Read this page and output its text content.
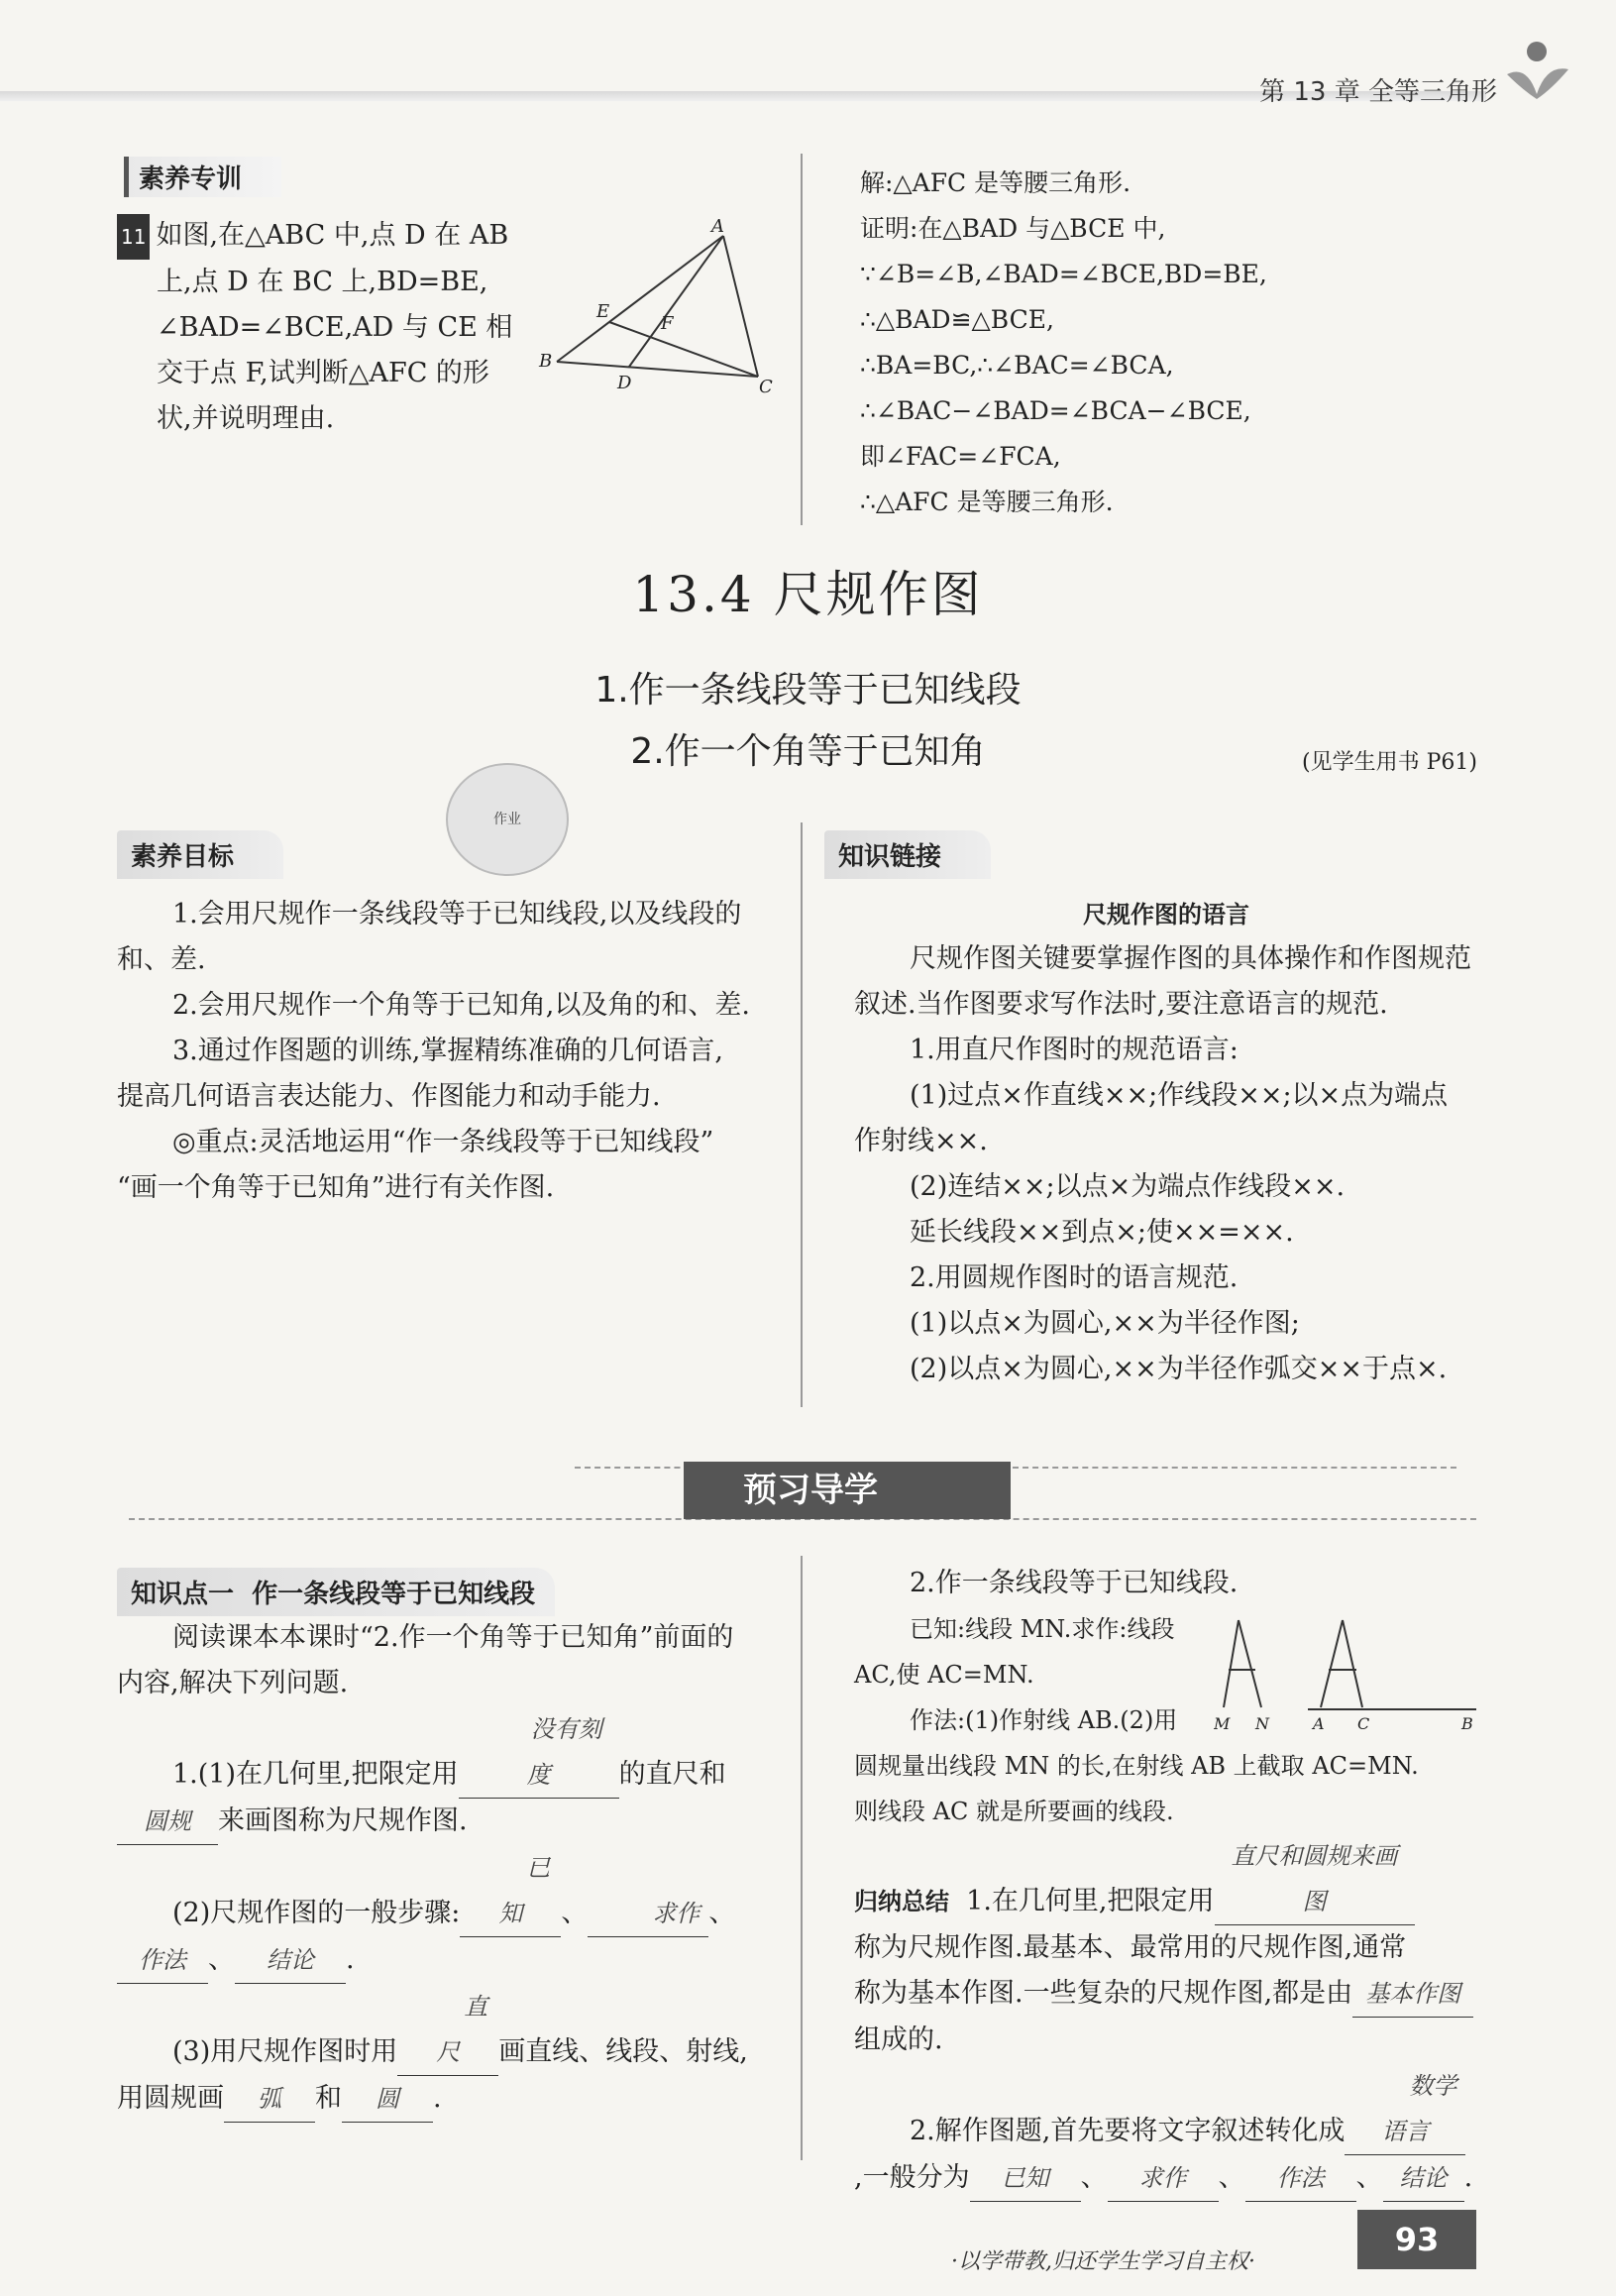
第 13 章 全等三角形
素养专训
11 如图,在△ABC 中,点 D 在 AB
上,点 D 在 BC 上,BD=BE,
∠BAD=∠BCE,AD 与 CE 相
交于点 F,试判断△AFC 的形
状,并说明理由.
A
B
C
D
E
F
解:△AFC 是等腰三角形.
证明:在△BAD 与△BCE 中,
∵∠B=∠B,∠BAD=∠BCE,BD=BE,
∴△BAD≌△BCE,
∴BA=BC,∴∠BAC=∠BCA,
∴∠BAC−∠BAD=∠BCA−∠BCE,
即∠FAC=∠FCA,
∴△AFC 是等腰三角形.
13.4 尺规作图
1.作一条线段等于已知线段
2.作一个角等于已知角	(见学生用书 P61)
作业
素养目标
1.会用尺规作一条线段等于已知线段,以及线段的
和、差.
2.会用尺规作一个角等于已知角,以及角的和、差.
3.通过作图题的训练,掌握精练准确的几何语言,
提高几何语言表达能力、作图能力和动手能力.
◎重点:灵活地运用“作一条线段等于已知线段”
“画一个角等于已知角”进行有关作图.
知识链接
尺规作图的语言
尺规作图关键要掌握作图的具体操作和作图规范
叙述.当作图要求写作法时,要注意语言的规范.
1.用直尺作图时的规范语言:
(1)过点×作直线××;作线段××;以×点为端点
作射线××.
(2)连结××;以点×为端点作线段××.
延长线段××到点×;使××=××.
2.用圆规作图时的语言规范.
(1)以点×为圆心,××为半径作图;
(2)以点×为圆心,××为半径作弧交××于点×.
预习导学
知识点一 作一条线段等于已知线段
阅读课本本课时“2.作一个角等于已知角”前面的
内容,解决下列问题.
1.(1)在几何里,把限定用没有刻度	的直尺和
圆规 来画图称为尺规作图.
(2)尺规作图的一般步骤:已知 、	求作 、
作法 、 结论 .
(3)用尺规作图时用直尺 画直线、线段、射线,
用圆规画 弧 和 圆 .
2.作一条线段等于已知线段.
已知:线段 MN.求作:线段
AC,使 AC=MN.
作法:(1)作射线 AB.(2)用
圆规量出线段 MN 的长,在射线 AB 上截取 AC=MN.
则线段 AC 就是所要画的线段.
M N	A C	B
归纳总结 1.在几何里,把限定用直尺和圆规来画图
称为尺规作图.最基本、最常用的尺规作图,通常
称为基本作图.一些复杂的尺规作图,都是由 基本作图
组成的.
2.解作图题,首先要将文字叙述转化成数学语言
,一般分为 已知 、 求作 、 作法 、 结论 .
·以学带教,归还学生学习自主权·
93
